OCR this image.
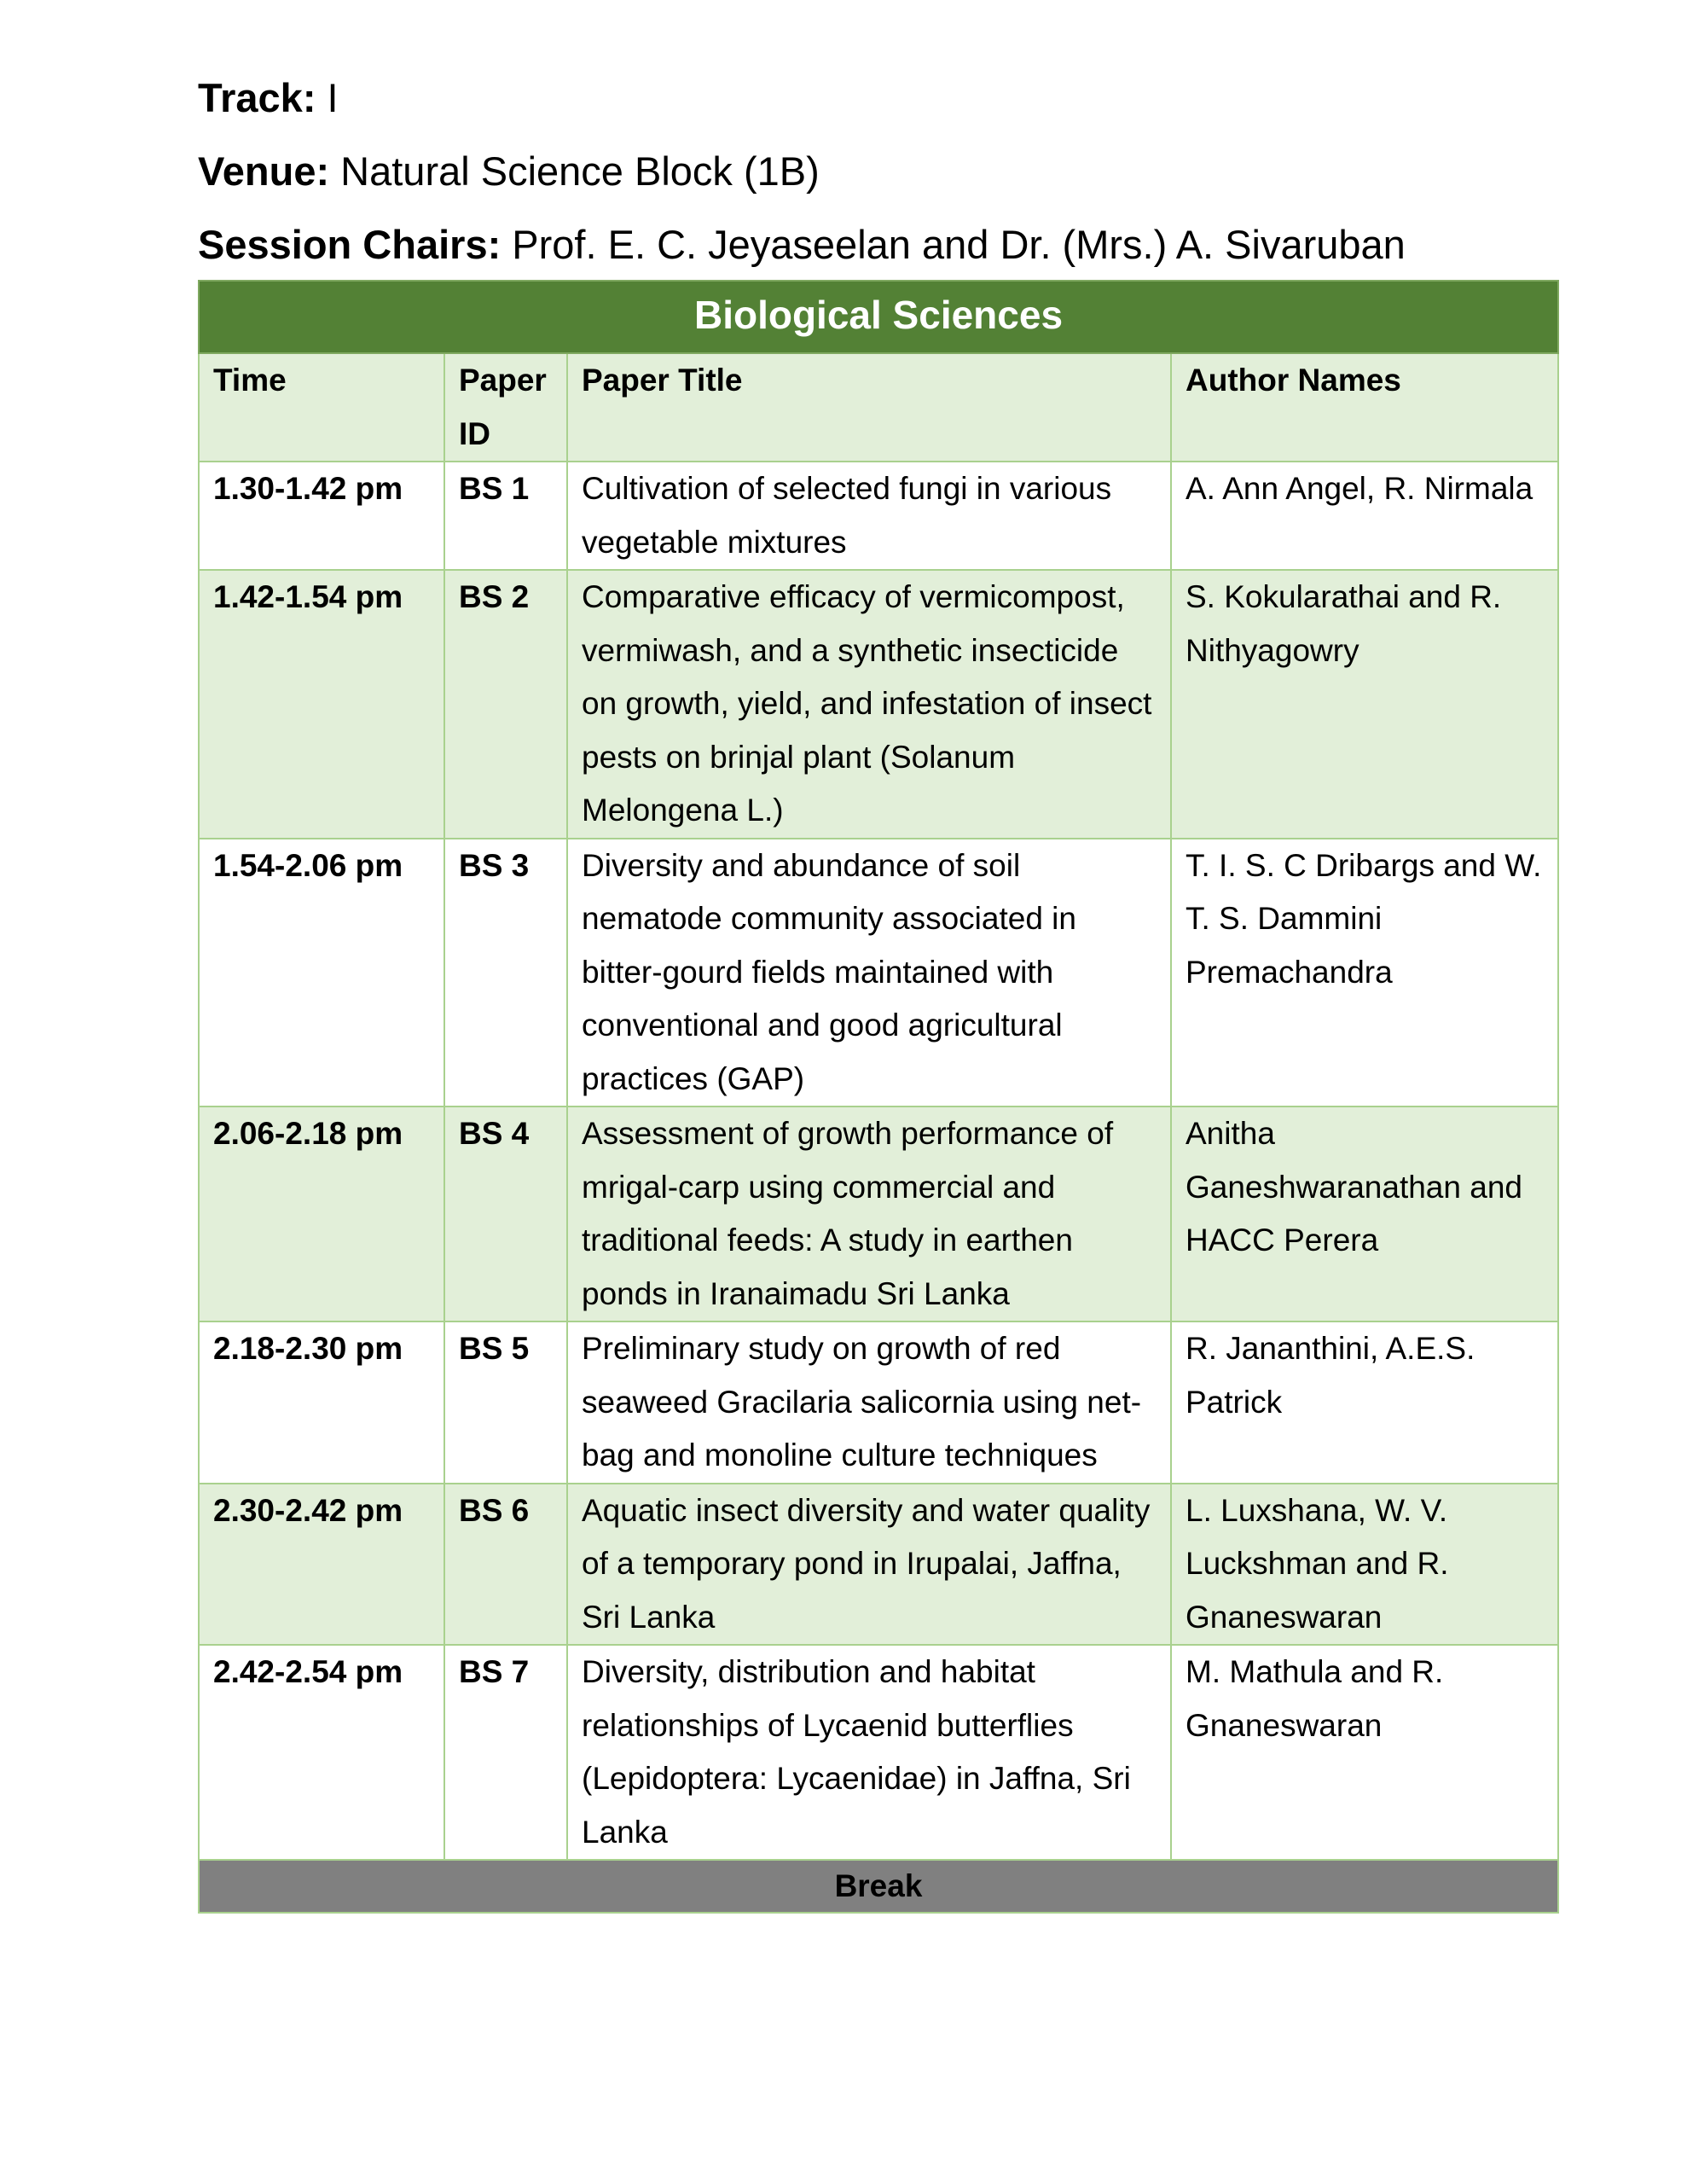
Track: I
Venue: Natural Science Block (1B)
Session Chairs: Prof. E. C. Jeyaseelan and Dr. (Mrs.) A. Sivaruban
Biological Sciences			
Time	Paper ID	Paper Title	Author Names
1.30-1.42 pm	BS 1	Cultivation of selected fungi in various vegetable mixtures	A. Ann Angel, R. Nirmala
1.42-1.54 pm	BS 2	Comparative efficacy of vermicompost, vermiwash, and a synthetic insecticide on growth, yield, and infestation of insect pests on brinjal plant (Solanum Melongena L.)	S. Kokularathai and R. Nithyagowry
1.54-2.06 pm	BS 3	Diversity and abundance of soil nematode community associated in bitter-gourd fields maintained with conventional and good agricultural practices (GAP)	T. I. S. C Dribargs and W. T. S. Dammini Premachandra
2.06-2.18 pm	BS 4	Assessment of growth performance of mrigal-carp using commercial and traditional feeds: A study in earthen ponds in Iranaimadu Sri Lanka	Anitha Ganeshwaranathan and HACC Perera
2.18-2.30 pm	BS 5	Preliminary study on growth of red seaweed Gracilaria salicornia using net-bag and monoline culture techniques	R. Jananthini, A.E.S. Patrick
2.30-2.42 pm	BS 6	Aquatic insect diversity and water quality of a temporary pond in Irupalai, Jaffna, Sri Lanka	L. Luxshana, W. V. Luckshman and R. Gnaneswaran
2.42-2.54 pm	BS 7	Diversity, distribution and habitat relationships of Lycaenid butterflies (Lepidoptera: Lycaenidae) in Jaffna, Sri Lanka	M. Mathula and R. Gnaneswaran
Break			
